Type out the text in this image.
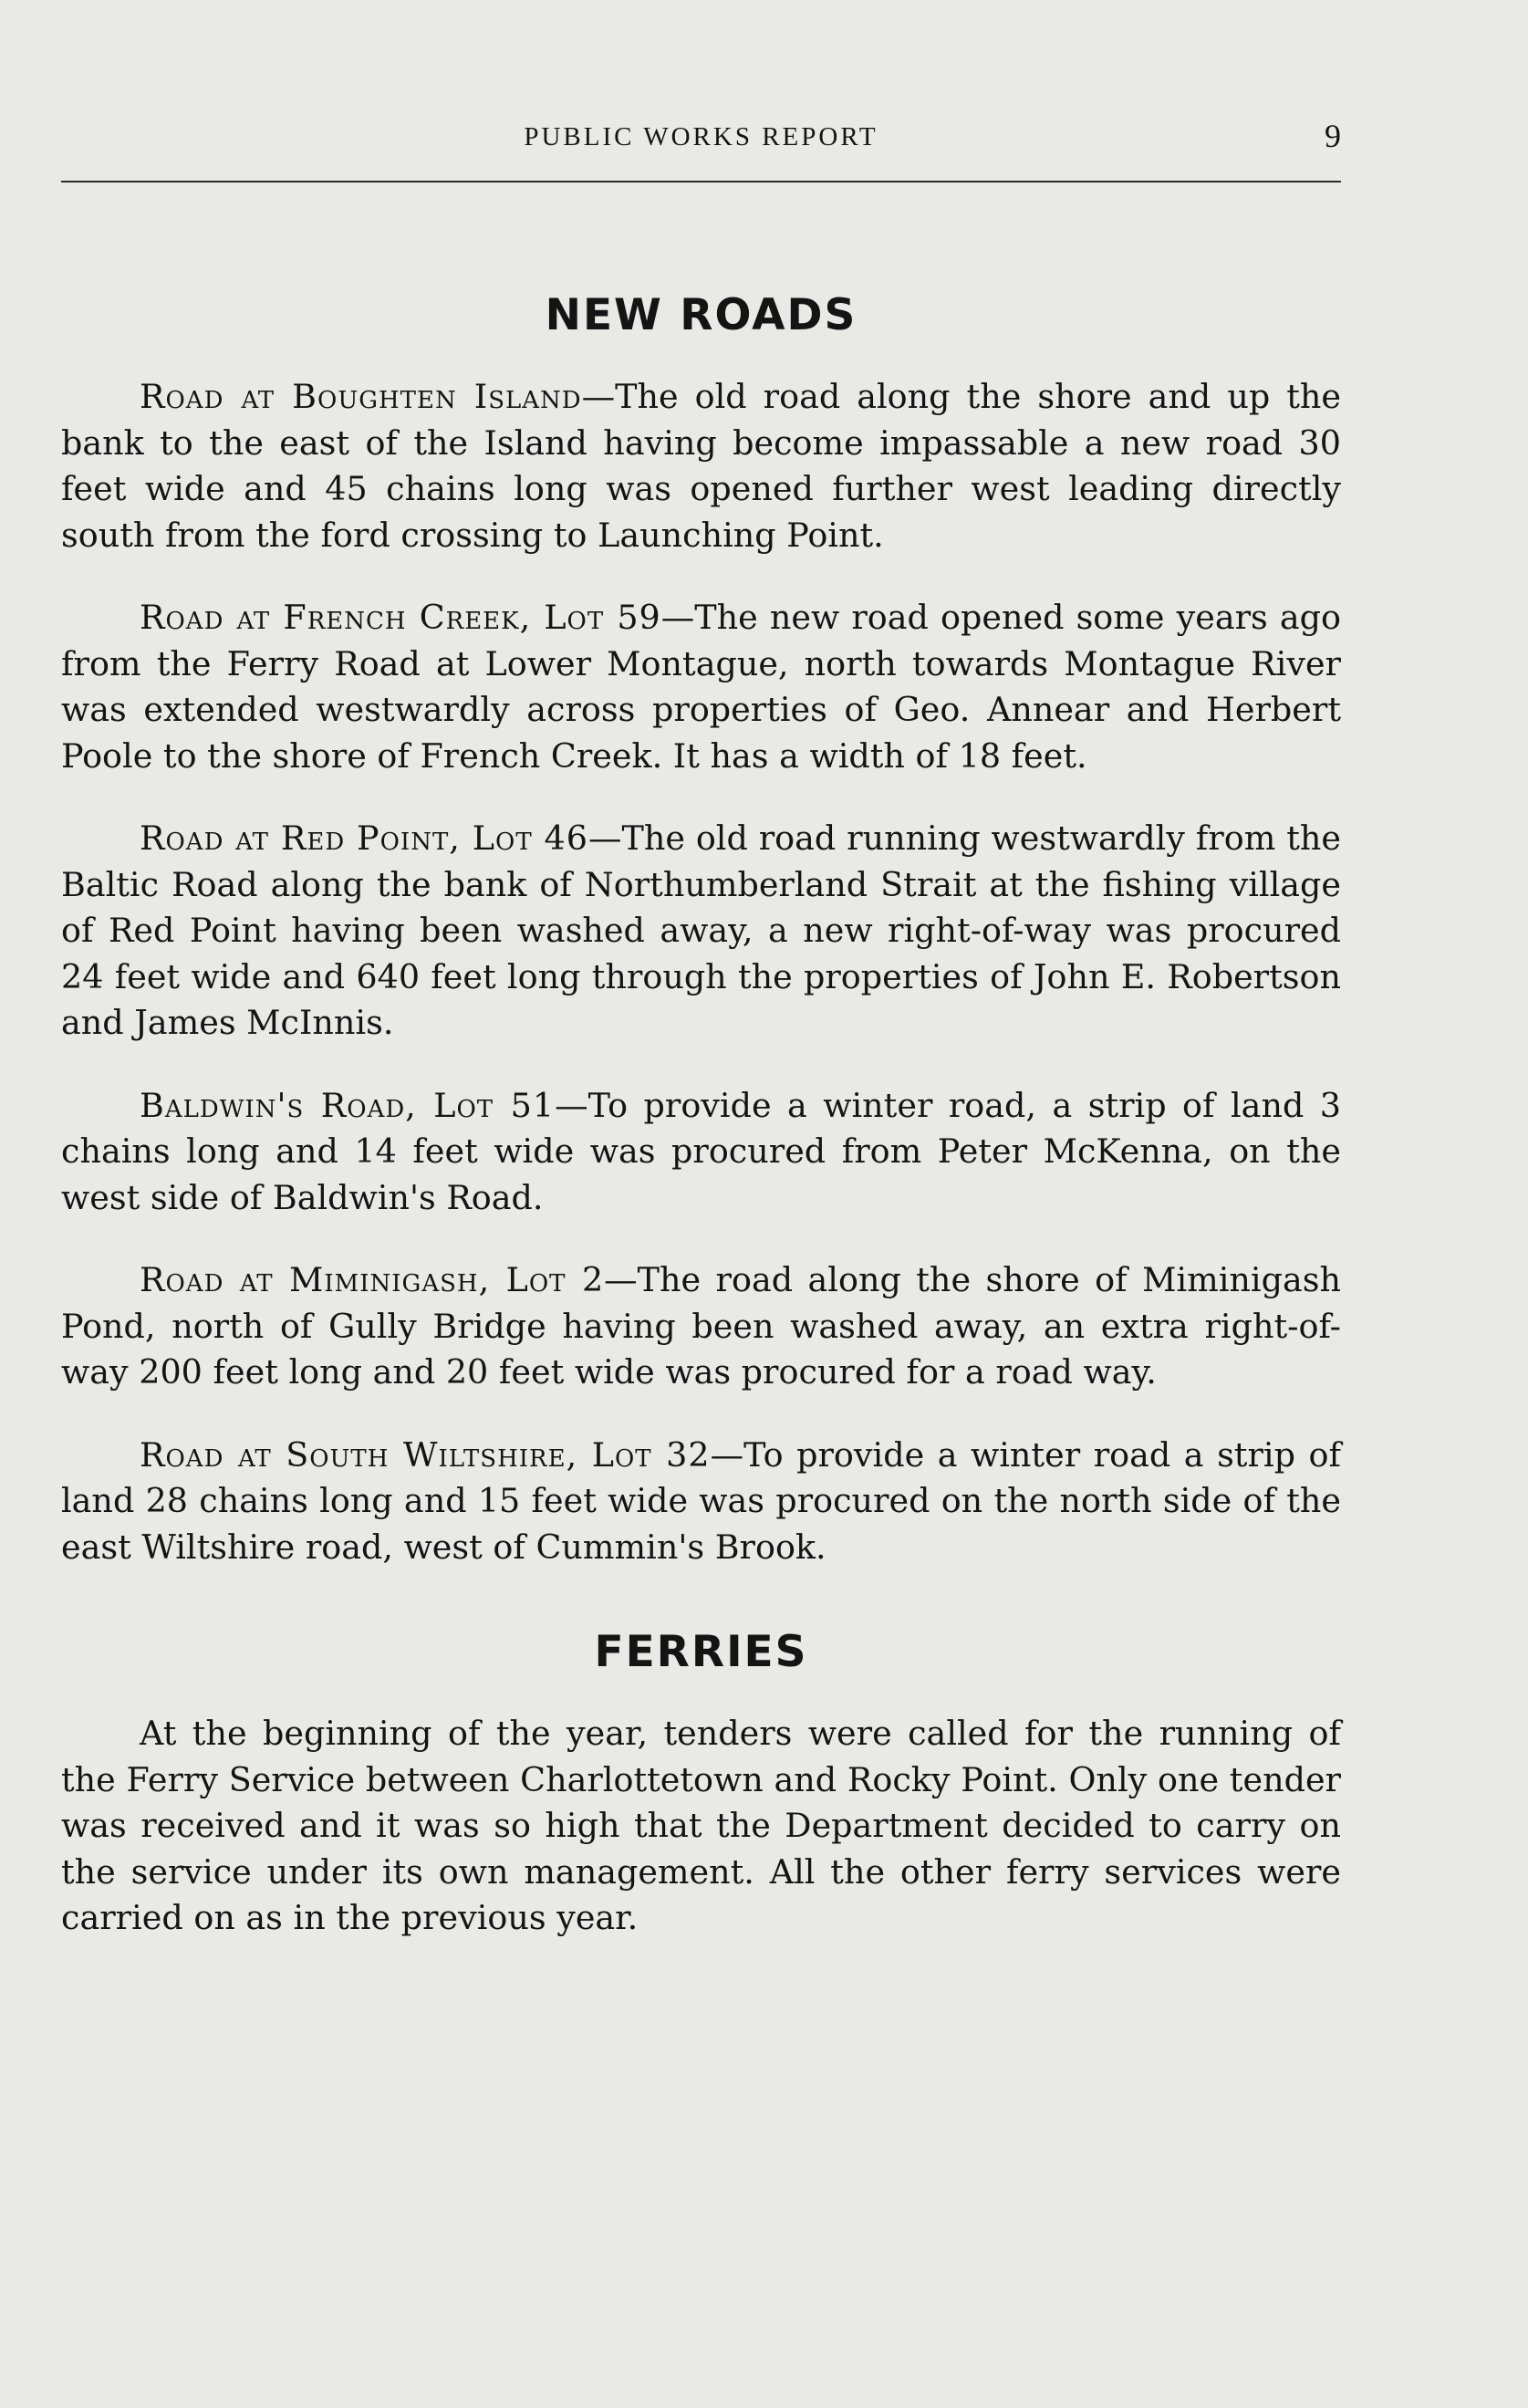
PUBLIC WORKS REPORT	9
NEW ROADS

Road at Boughten Island—The old road along the shore and up the bank to the east of the Island having become impassable a new road 30 feet wide and 45 chains long was opened further west leading directly south from the ford crossing to Launching Point.

Road at French Creek, Lot 59—The new road opened some years ago from the Ferry Road at Lower Montague, north towards Montague River was extended westwardly across properties of Geo. Annear and Herbert Poole to the shore of French Creek. It has a width of 18 feet.

Road at Red Point, Lot 46—The old road running westwardly from the Baltic Road along the bank of Northumberland Strait at the fishing village of Red Point having been washed away, a new right-of-way was procured 24 feet wide and 640 feet long through the properties of John E. Robertson and James McInnis.

Baldwin's Road, Lot 51—To provide a winter road, a strip of land 3 chains long and 14 feet wide was procured from Peter McKenna, on the west side of Baldwin's Road.

Road at Miminigash, Lot 2—The road along the shore of Miminigash Pond, north of Gully Bridge having been washed away, an extra right-of-way 200 feet long and 20 feet wide was procured for a road way.

Road at South Wiltshire, Lot 32—To provide a winter road a strip of land 28 chains long and 15 feet wide was procured on the north side of the east Wiltshire road, west of Cummin's Brook.

FERRIES

At the beginning of the year, tenders were called for the running of the Ferry Service between Charlottetown and Rocky Point. Only one tender was received and it was so high that the Department decided to carry on the service under its own management. All the other ferry services were carried on as in the previous year.
